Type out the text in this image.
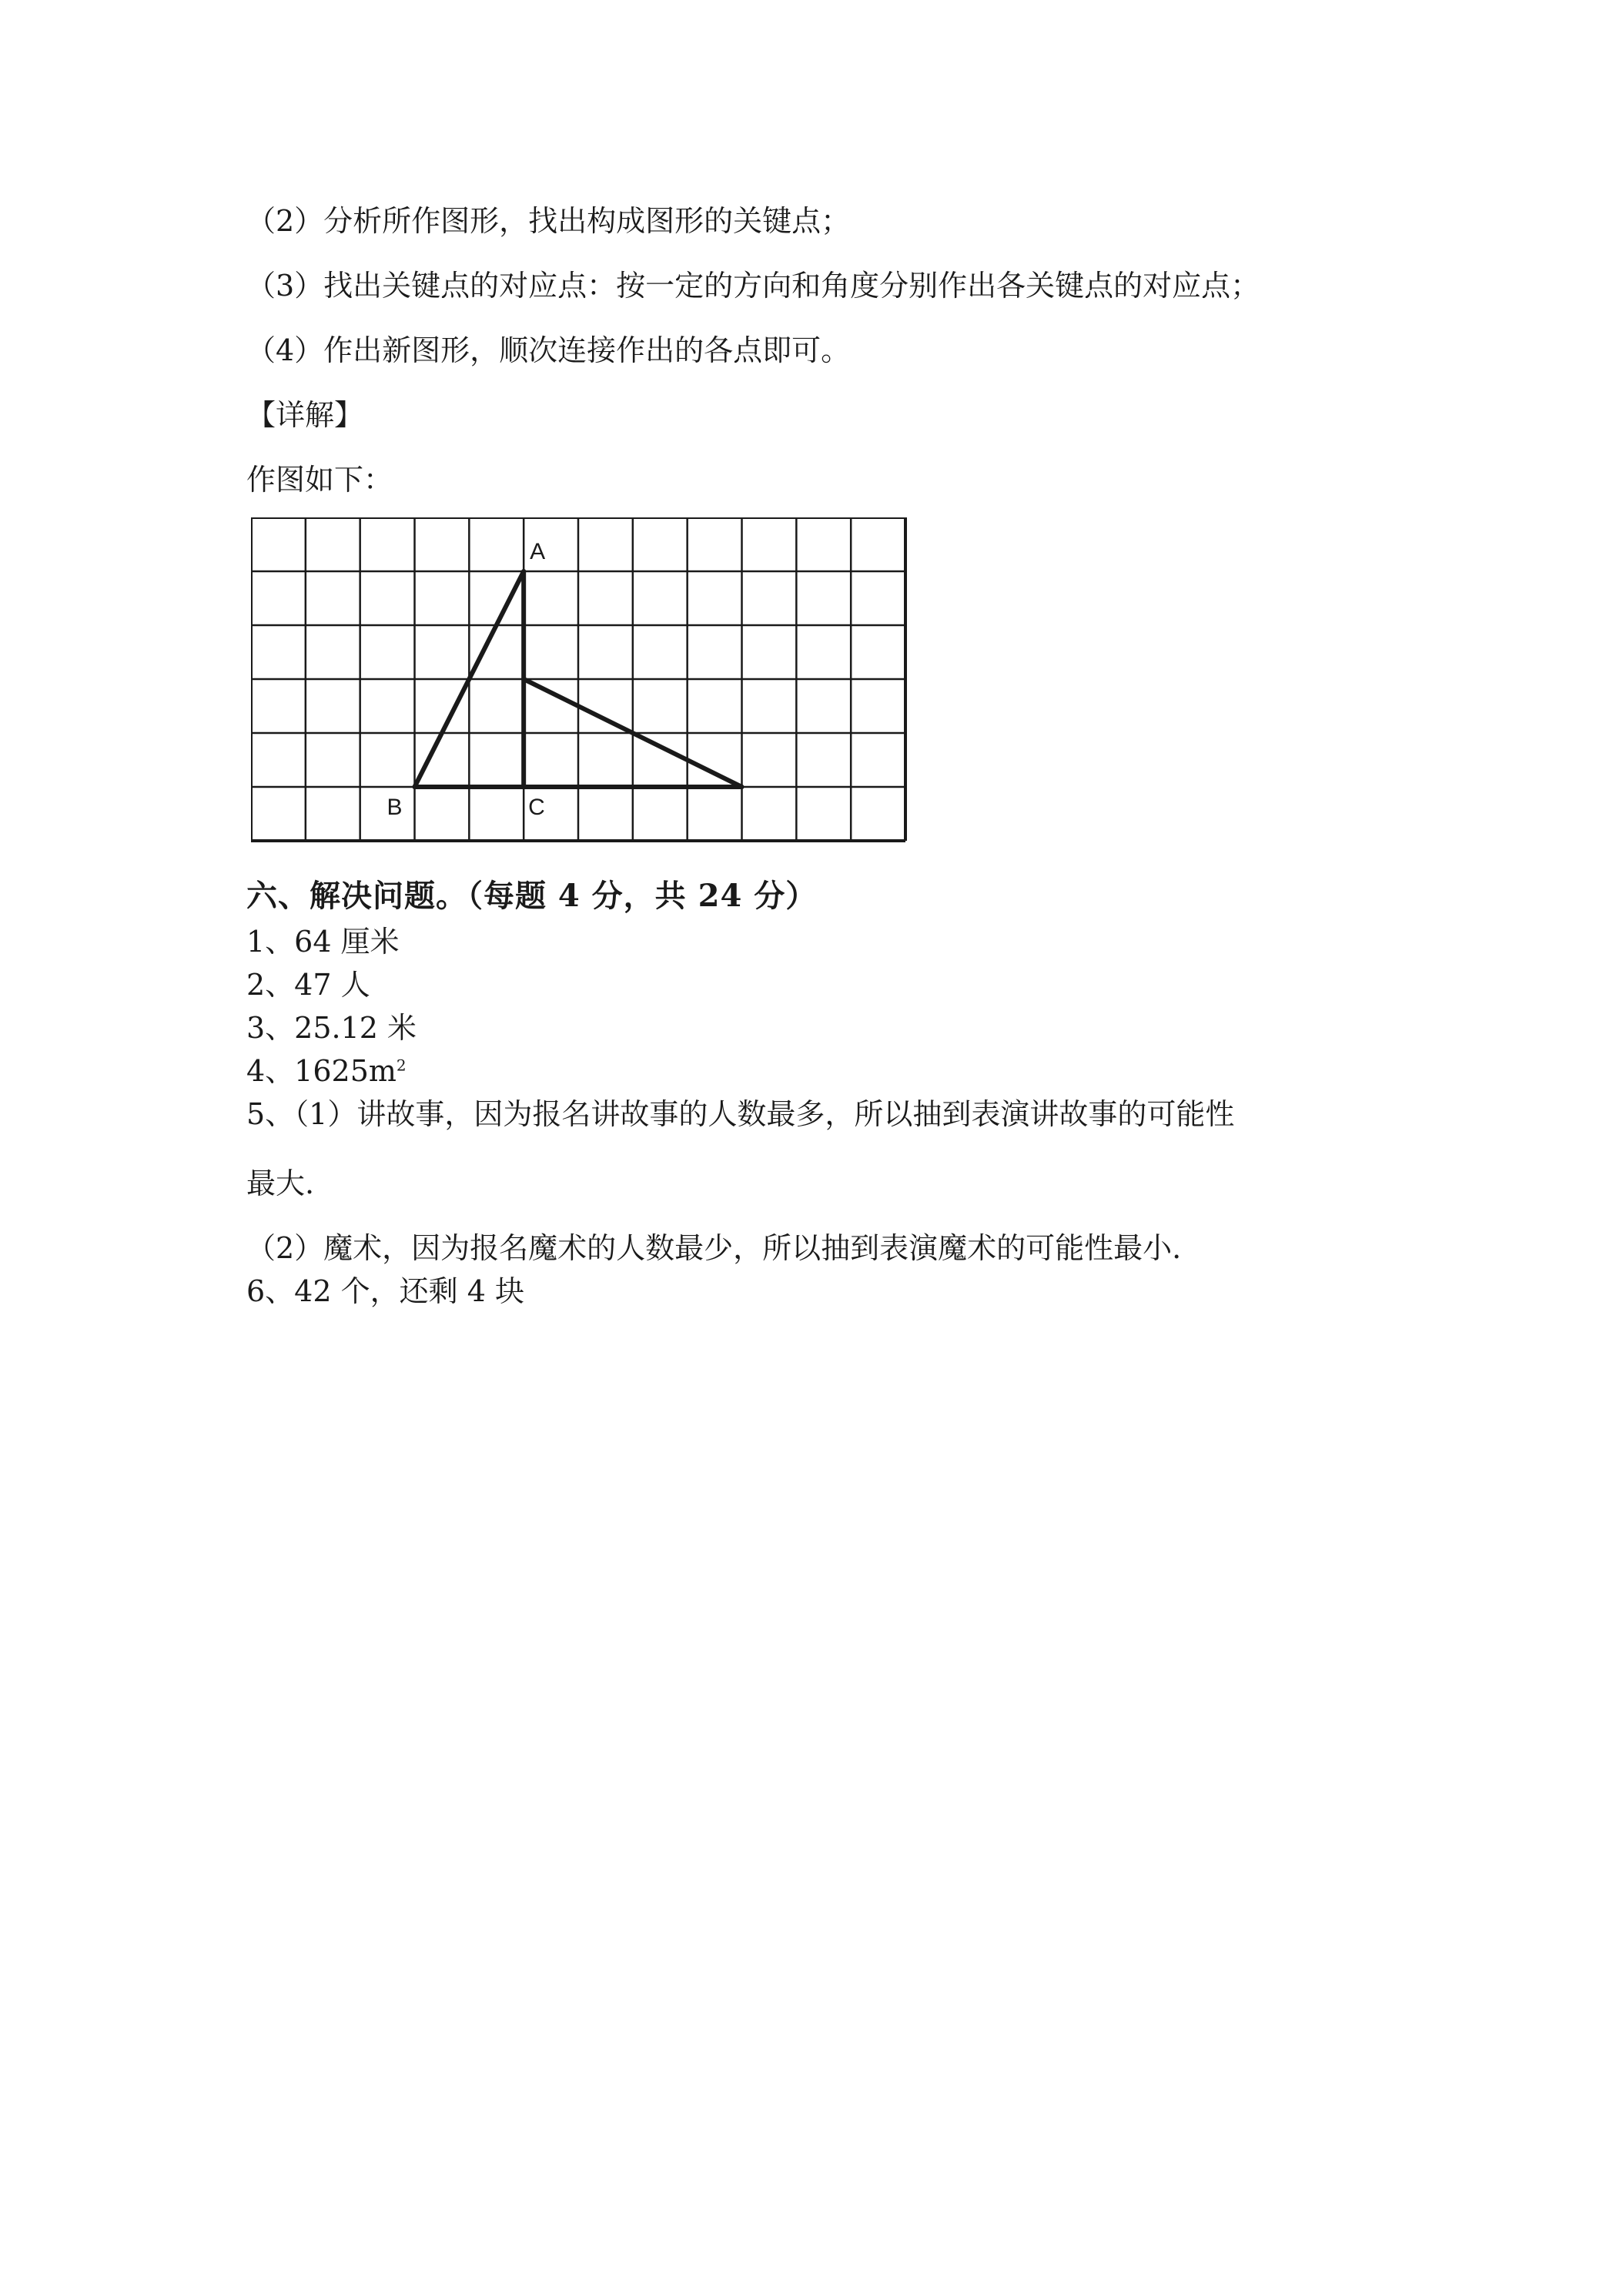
（2）分析所作图形，找出构成图形的关键点；
（3）找出关键点的对应点：按一定的方向和角度分别作出各关键点的对应点；
（4）作出新图形，顺次连接作出的各点即可。
【详解】
作图如下：
A
B	C
六、解决问题。（每题 4 分，共 24 分）
1、64 厘米
2、47 人
3、25.12 米
4、$1625m^2$
5、（1）讲故事，因为报名讲故事的人数最多，所以抽到表演讲故事的可能性
最大.
（2）魔术，因为报名魔术的人数最少，所以抽到表演魔术的可能性最小.
6、42 个，还剩 4 块
